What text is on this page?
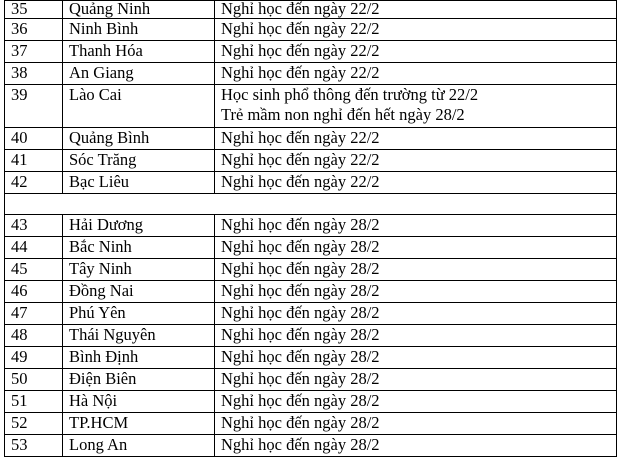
35	Quảng Ninh	Nghỉ học đến ngày 22/2
36	Ninh Bình	Nghỉ học đến ngày 22/2
37	Thanh Hóa	Nghỉ học đến ngày 22/2
38	An Giang	Nghỉ học đến ngày 22/2
39	Lào Cai	Học sinh phổ thông đến trường từ 22/2
Trẻ mầm non nghỉ đến hết ngày 28/2

40	Quảng Bình	Nghỉ học đến ngày 22/2
41	Sóc Trăng	Nghỉ học đến ngày 22/2
42	Bạc Liêu	Nghỉ học đến ngày 22/2

43	Hải Dương	Nghỉ học đến ngày 28/2
44	Bắc Ninh	Nghỉ học đến ngày 28/2
45	Tây Ninh	Nghỉ học đến ngày 28/2
46	Đồng Nai	Nghỉ học đến ngày 28/2
47	Phú Yên	Nghỉ học đến ngày 28/2
48	Thái Nguyên	Nghỉ học đến ngày 28/2
49	Bình Định	Nghỉ học đến ngày 28/2
50	Điện Biên	Nghỉ học đến ngày 28/2
51	Hà Nội	Nghỉ học đến ngày 28/2
52	TP.HCM	Nghỉ học đến ngày 28/2
53	Long An	Nghỉ học đến ngày 28/2
